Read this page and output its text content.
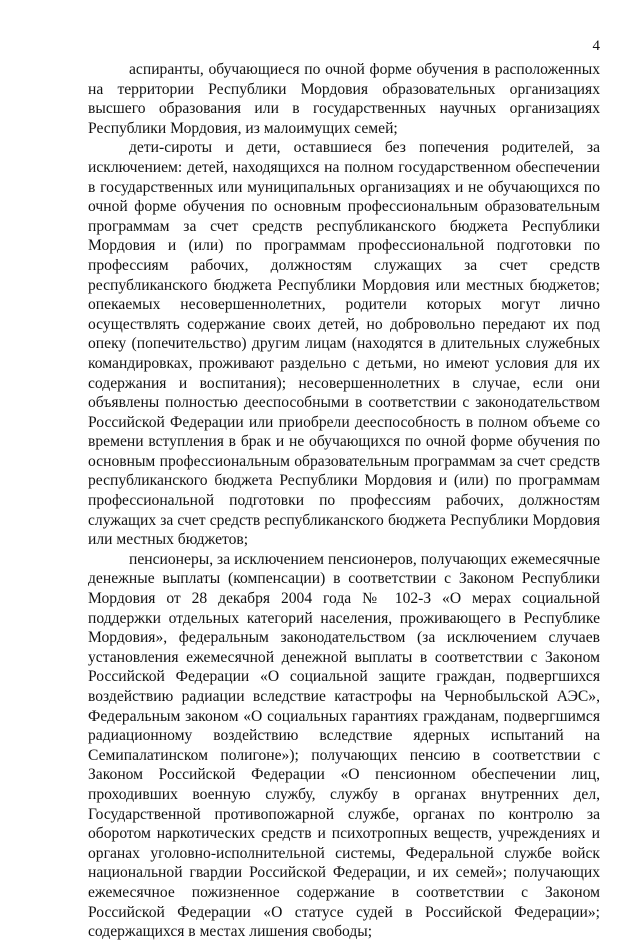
4

аспиранты, обучающиеся по очной форме обучения в расположенных на территории Республики Мордовия образовательных организациях высшего образования или в государственных научных организациях Республики Мордовия, из малоимущих семей;

дети-сироты и дети, оставшиеся без попечения родителей, за исключением: детей, находящихся на полном государственном обеспечении в государственных или муниципальных организациях и не обучающихся по очной форме обучения по основным профессиональным образовательным программам за счет средств республиканского бюджета Республики Мордовия и (или) по программам профессиональной подготовки по профессиям рабочих, должностям служащих за счет средств республиканского бюджета Республики Мордовия или местных бюджетов; опекаемых несовершеннолетних, родители которых могут лично осуществлять содержание своих детей, но добровольно передают их под опеку (попечительство) другим лицам (находятся в длительных служебных командировках, проживают раздельно с детьми, но имеют условия для их содержания и воспитания); несовершеннолетних в случае, если они объявлены полностью дееспособными в соответствии с законодательством Российской Федерации или приобрели дееспособность в полном объеме со времени вступления в брак и не обучающихся по очной форме обучения по основным профессиональным образовательным программам за счет средств республиканского бюджета Республики Мордовия и (или) по программам профессиональной подготовки по профессиям рабочих, должностям служащих за счет средств республиканского бюджета Республики Мордовия или местных бюджетов;

пенсионеры, за исключением пенсионеров, получающих ежемесячные денежные выплаты (компенсации) в соответствии с Законом Республики Мордовия от 28 декабря 2004 года № 102-З «О мерах социальной поддержки отдельных категорий населения, проживающего в Республике Мордовия», федеральным законодательством (за исключением случаев установления ежемесячной денежной выплаты в соответствии с Законом Российской Федерации «О социальной защите граждан, подвергшихся воздействию радиации вследствие катастрофы на Чернобыльской АЭС», Федеральным законом «О социальных гарантиях гражданам, подвергшимся радиационному воздействию вследствие ядерных испытаний на Семипалатинском полигоне»); получающих пенсию в соответствии с Законом Российской Федерации «О пенсионном обеспечении лиц, проходивших военную службу, службу в органах внутренних дел, Государственной противопожарной службе, органах по контролю за оборотом наркотических средств и психотропных веществ, учреждениях и органах уголовно-исполнительной системы, Федеральной службе войск национальной гвардии Российской Федерации, и их семей»; получающих ежемесячное пожизненное содержание в соответствии с Законом Российской Федерации «О статусе судей в Российской Федерации»; содержащихся в местах лишения свободы;
